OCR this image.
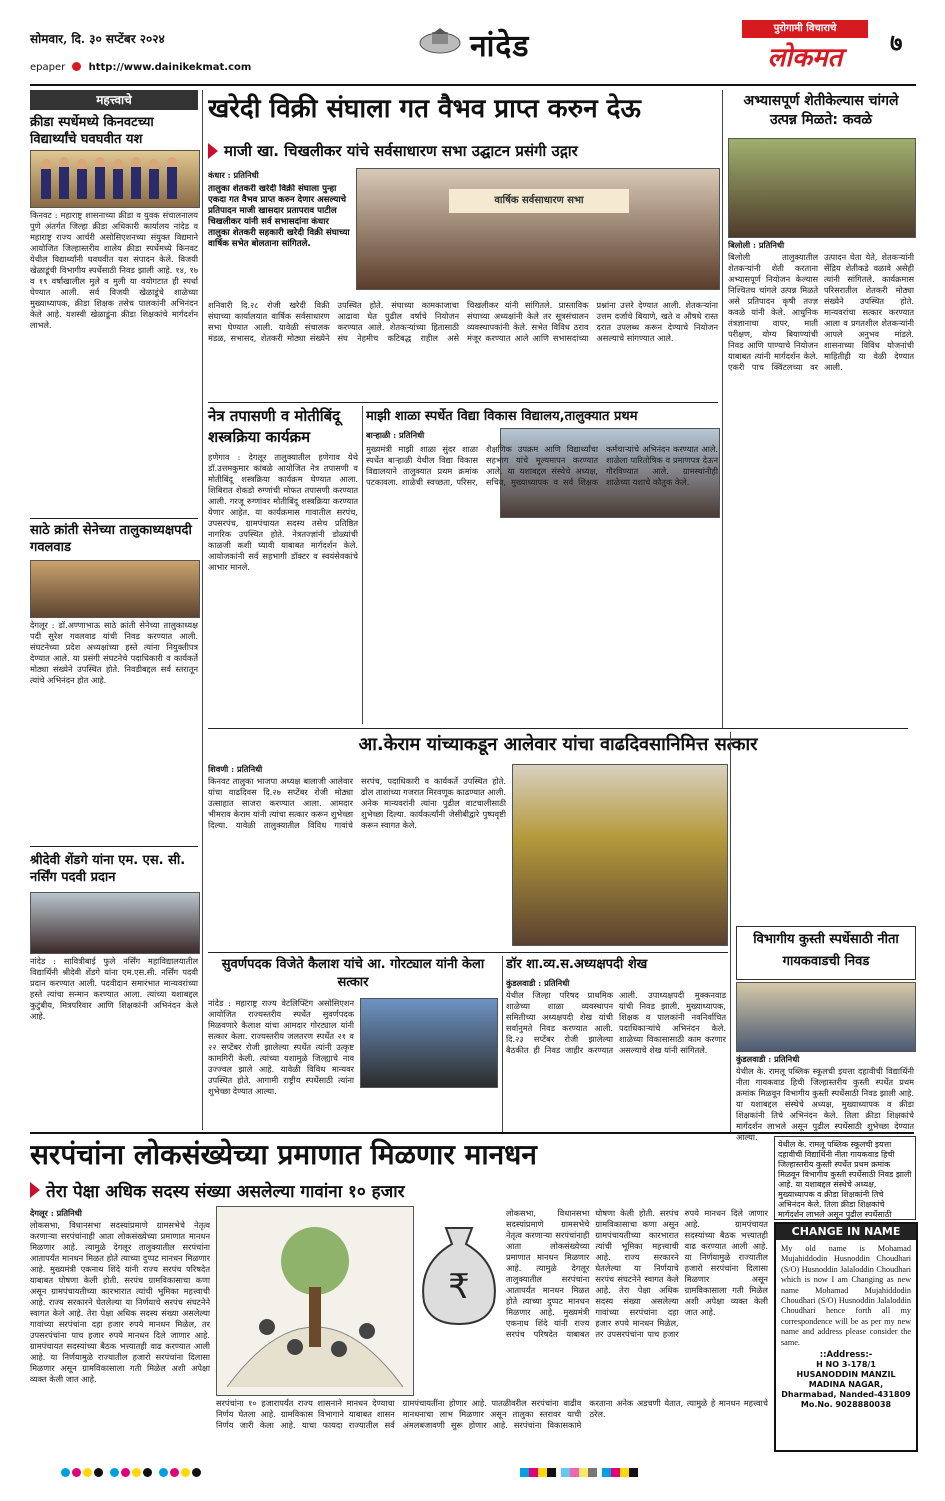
सोमवार, दि. ३० सप्टेंबर २०२४	नांदेड
पुरोगामी विचाराचे
लोकमत	७
epaper http://www.dainikekmat.com
महत्त्वाचे
क्रीडा स्पर्धेमध्ये किनवटच्या विद्यार्थ्यांचे घवघवीत यश
किनवट : महाराष्ट्र शासनाच्या क्रीडा व युवक संचालनालय पुणे अंतर्गत जिल्हा क्रीडा अधिकारी कार्यालय नांदेड व महाराष्ट्र राज्य आर्चरी असोसिएशनच्या संयुक्त विद्यमाने आयोजित जिल्हास्तरीय शालेय क्रीडा स्पर्धेमध्ये किनवट येथील विद्यार्थ्यांनी घवघवीत यश संपादन केले. विजयी खेळाडूंची विभागीय स्पर्धेसाठी निवड झाली आहे. १४, १७ व १९ वर्षाखालील मुले व मुली या वयोगटात ही स्पर्धा घेण्यात आली. सर्व विजयी खेळाडूंचे शाळेच्या मुख्याध्यापक, क्रीडा शिक्षक तसेच पालकांनी अभिनंदन केले आहे. यशस्वी खेळाडूंना क्रीडा शिक्षकांचे मार्गदर्शन लाभले.
साठे क्रांती सेनेच्या तालुकाध्यक्षपदी गवलवाड
देगलूर : डॉ.अण्णाभाऊ साठे क्रांती सेनेच्या तालुकाध्यक्ष पदी सुरेश गवलवाड यांची निवड करण्यात आली. संघटनेच्या प्रदेश अध्यक्षांच्या हस्ते त्यांना नियुक्तीपत्र देण्यात आले. या प्रसंगी संघटनेचे पदाधिकारी व कार्यकर्ते मोठ्या संख्येने उपस्थित होते. निवडीबद्दल सर्व स्तरातून त्यांचे अभिनंदन होत आहे.
श्रीदेवी शेंडगे यांना एम. एस. सी. नर्सिंग पदवी प्रदान
नांदेड : सावित्रीबाई फुले नर्सिंग महाविद्यालयातील विद्यार्थिनी श्रीदेवी शेंडगे यांना एम.एस.सी. नर्सिंग पदवी प्रदान करण्यात आली. पदवीदान समारंभात मान्यवरांच्या हस्ते त्यांचा सन्मान करण्यात आला. त्यांच्या यशाबद्दल कुटुंबीय, मित्रपरिवार आणि शिक्षकांनी अभिनंदन केले आहे.
खरेदी विक्री संघाला गत वैभव प्राप्त करुन देऊ
माजी खा. चिखलीकर यांचे सर्वसाधारण सभा उद्घाटन प्रसंगी उद्गार
कंधार : प्रतिनिधी
तालुका शेतकरी खरेदी विक्री संघाला पुन्हा एकदा गत वैभव प्राप्त करुन देणार असल्याचे प्रतिपादन माजी खासदार प्रतापराव पाटील चिखलीकर यांनी सर्व सभासदांना कंधार तालुका शेतकरी सहकारी खरेदी विक्री संघाच्या वार्षिक सभेत बोलताना सांगितले.
वार्षिक सर्वसाधारण सभा
शनिवारी दि.२८ रोजी खरेदी विक्री संघाच्या कार्यालयात वार्षिक सर्वसाधारण सभा घेण्यात आली. यावेळी संचालक मंडळ, सभासद, शेतकरी मोठ्या संख्येने उपस्थित होते. संघाच्या कामकाजाचा आढावा घेत पुढील वर्षाचे नियोजन करण्यात आले. शेतकऱ्यांच्या हितासाठी संघ नेहमीच कटिबद्ध राहील असे चिखलीकर यांनी सांगितले. प्रास्ताविक संघाच्या अध्यक्षांनी केले तर सूत्रसंचालन व्यवस्थापकांनी केले. सभेत विविध ठराव मंजूर करण्यात आले आणि सभासदांच्या प्रश्नांना उत्तरे देण्यात आली. शेतकऱ्यांना उत्तम दर्जाचे बियाणे, खते व औषधे रास्त दरात उपलब्ध करून देण्याचे नियोजन असल्याचे सांगण्यात आले.
नेत्र तपासणी व मोतीबिंदू शस्त्रक्रिया कार्यक्रम
हणेगाव : देगलूर तालुक्यातील हणेगाव येथे डॉ.उत्तमकुमार कांबळे आयोजित नेत्र तपासणी व मोतीबिंदू शस्त्रक्रिया कार्यक्रम घेण्यात आला. शिबिरात शेकडो रुग्णांची मोफत तपासणी करण्यात आली. गरजू रुग्णांवर मोतीबिंदू शस्त्रक्रिया करण्यात येणार आहेत. या कार्यक्रमास गावातील सरपंच, उपसरपंच, ग्रामपंचायत सदस्य तसेच प्रतिष्ठित नागरिक उपस्थित होते. नेत्रतज्ज्ञांनी डोळ्यांची काळजी कशी घ्यावी याबाबत मार्गदर्शन केले. आयोजकांनी सर्व सहभागी डॉक्टर व स्वयंसेवकांचे आभार मानले.
माझी शाळा स्पर्धेत विद्या विकास विद्यालय,तालुक्यात प्रथम
बाऱ्हाळी : प्रतिनिधी
मुख्यमंत्री माझी शाळा सुंदर शाळा स्पर्धेत बाऱ्हाळी येथील विद्या विकास विद्यालयाने तालुक्यात प्रथम क्रमांक पटकावला. शाळेची स्वच्छता, परिसर, शैक्षणिक उपक्रम आणि विद्यार्थ्यांचा सहभाग यांचे मूल्यमापन करण्यात आले. या यशाबद्दल संस्थेचे अध्यक्ष, सचिव, मुख्याध्यापक व सर्व शिक्षक कर्मचाऱ्यांचे अभिनंदन करण्यात आले. शाळेला पारितोषिक व प्रमाणपत्र देऊन गौरविण्यात आले. ग्रामस्थांनीही शाळेच्या यशाचे कौतुक केले.
अभ्यासपूर्ण शेतीकेल्यास चांगले उत्पन्न मिळते: कवळे
बिलोली : प्रतिनिधी
बिलोली तालुक्यातील शेतकऱ्यांनी शेती करताना अभ्यासपूर्ण नियोजन केल्यास निश्चितच चांगले उत्पन्न मिळते असे प्रतिपादन कृषी तज्ज्ञ कवळे यांनी केले. आधुनिक तंत्रज्ञानाचा वापर, माती परीक्षण, योग्य बियाण्यांची निवड आणि पाण्याचे नियोजन याबाबत त्यांनी मार्गदर्शन केले. एकरी पाच क्विंटलच्या वर उत्पादन घेता येते, शेतकऱ्यांनी सेंद्रिय शेतीकडे वळावे असेही त्यांनी सांगितले. कार्यक्रमास परिसरातील शेतकरी मोठ्या संख्येने उपस्थित होते. मान्यवरांचा सत्कार करण्यात आला व प्रगतशील शेतकऱ्यांनी आपले अनुभव मांडले. शासनाच्या विविध योजनांची माहितीही या वेळी देण्यात आली.
आ.केराम यांच्याकडून आलेवार यांचा वाढदिवसानिमित्त सत्कार
शिवणी : प्रतिनिधी
किनवट तालुका भाजपा अध्यक्ष बालाजी आलेवार यांचा वाढदिवस दि.२७ सप्टेंबर रोजी मोठ्या उत्साहात साजरा करण्यात आला. आमदार भीमराव केराम यांनी त्यांचा सत्कार करून शुभेच्छा दिल्या. यावेळी तालुक्यातील विविध गावांचे सरपंच, पदाधिकारी व कार्यकर्ते उपस्थित होते. ढोल ताशांच्या गजरात मिरवणूक काढण्यात आली. अनेक मान्यवरांनी त्यांना पुढील वाटचालीसाठी शुभेच्छा दिल्या. कार्यकर्त्यांनी जेसीबीद्वारे पुष्पवृष्टी करून स्वागत केले.
सुवर्णपदक विजेते कैलाश यांचे आ. गोरट्याल यांनी केला सत्कार
नांदेड : महाराष्ट्र राज्य वेटलिफ्टिंग असोसिएशन आयोजित राज्यस्तरीय स्पर्धेत सुवर्णपदक मिळवणारे कैलाश यांचा आमदार गोरट्याल यांनी सत्कार केला. राज्यस्तरीय जलतरण स्पर्धेत २१ व २२ सप्टेंबर रोजी झालेल्या स्पर्धेत त्यांनी उत्कृष्ट कामगिरी केली. त्यांच्या यशामुळे जिल्ह्याचे नाव उज्ज्वल झाले आहे. यावेळी विविध मान्यवर उपस्थित होते. आगामी राष्ट्रीय स्पर्धेसाठी त्यांना शुभेच्छा देण्यात आल्या.
डॉर शा.व्य.स.अध्यक्षपदी शेख
कुंडलवाडी : प्रतिनिधी
येथील जिल्हा परिषद प्राथमिक शाळेच्या शाळा व्यवस्थापन समितीच्या अध्यक्षपदी शेख यांची सर्वानुमते निवड करण्यात आली. दि.२३ सप्टेंबर रोजी झालेल्या बैठकीत ही निवड जाहीर करण्यात आली. उपाध्यक्षपदी मुक्कनवाड यांची निवड झाली. मुख्याध्यापक, शिक्षक व पालकांनी नवनिर्वाचित पदाधिकाऱ्यांचे अभिनंदन केले. शाळेच्या विकासासाठी काम करणार असल्याचे शेख यांनी सांगितले.
विभागीय कुस्ती स्पर्धेसाठी नीता गायकवाडची निवड
कुंडलवाडी : प्रतिनिधी
येथील के. रामलू पब्लिक स्कूलची इयत्ता दहावीची विद्यार्थिनी नीता गायकवाड हिची जिल्हास्तरीय कुस्ती स्पर्धेत प्रथम क्रमांक मिळवून विभागीय कुस्ती स्पर्धेसाठी निवड झाली आहे. या यशाबद्दल संस्थेचे अध्यक्ष, मुख्याध्यापक व क्रीडा शिक्षकांनी तिचे अभिनंदन केले. तिला क्रीडा शिक्षकांचे मार्गदर्शन लाभले असून पुढील स्पर्धेसाठी शुभेच्छा देण्यात आल्या.
सरपंचांना लोकसंख्येच्या प्रमाणात मिळणार मानधन
तेरा पेक्षा अधिक सदस्य संख्या असलेल्या गावांना १० हजार
देगलूर : प्रतिनिधी
लोकसभा, विधानसभा सदस्यांप्रमाणे ग्रामसभेचे नेतृत्व करणाऱ्या सरपंचांनाही आता लोकसंख्येच्या प्रमाणात मानधन मिळणार आहे. त्यामुळे देगलूर तालुक्यातील सरपंचांना आतापर्यंत मानधन मिळत होते त्याच्या दुप्पट मानधन मिळणार आहे. मुख्यमंत्री एकनाथ शिंदे यांनी राज्य सरपंच परिषदेत याबाबत घोषणा केली होती. सरपंच ग्रामविकासाचा कणा असून ग्रामपंचायतीच्या कारभारात त्यांची भूमिका महत्त्वाची आहे. राज्य सरकारने घेतलेल्या या निर्णयाचे सरपंच संघटनेने स्वागत केले आहे. तेरा पेक्षा अधिक सदस्य संख्या असलेल्या गावांच्या सरपंचांना दहा हजार रुपये मानधन मिळेल, तर उपसरपंचांना पाच हजार रुपये मानधन दिले जाणार आहे. ग्रामपंचायत सदस्यांच्या बैठक भत्त्यातही वाढ करण्यात आली आहे. या निर्णयामुळे राज्यातील हजारो सरपंचांना दिलासा मिळणार असून ग्रामविकासाला गती मिळेल अशी अपेक्षा व्यक्त केली जात आहे.
₹
सरपंचांना १० हजारापर्यंत राज्य शासनाने मानधन देण्याचा निर्णय घेतला आहे. ग्रामविकास विभागाने याबाबत शासन निर्णय जारी केला आहे. याचा फायदा राज्यातील सर्व ग्रामपंचायतींना होणार आहे. पातळीवरील सरपंचांना वाढीव मानधनाचा लाभ मिळणार असून तालुका स्तरावर याची अंमलबजावणी सुरू होणार आहे. सरपंचांना विकासकामे करताना अनेक अडचणी येतात, त्यामुळे हे मानधन महत्त्वाचे ठरेल.
लोकसभा, विधानसभा सदस्यांप्रमाणे ग्रामसभेचे नेतृत्व करणाऱ्या सरपंचांनाही आता लोकसंख्येच्या प्रमाणात मानधन मिळणार आहे. त्यामुळे देगलूर तालुक्यातील सरपंचांना आतापर्यंत मानधन मिळत होते त्याच्या दुप्पट मानधन मिळणार आहे. मुख्यमंत्री एकनाथ शिंदे यांनी राज्य सरपंच परिषदेत याबाबत घोषणा केली होती. सरपंच ग्रामविकासाचा कणा असून ग्रामपंचायतीच्या कारभारात त्यांची भूमिका महत्त्वाची आहे. राज्य सरकारने घेतलेल्या या निर्णयाचे सरपंच संघटनेने स्वागत केले आहे. तेरा पेक्षा अधिक सदस्य संख्या असलेल्या गावांच्या सरपंचांना दहा हजार रुपये मानधन मिळेल, तर उपसरपंचांना पाच हजार रुपये मानधन दिले जाणार आहे. ग्रामपंचायत सदस्यांच्या बैठक भत्त्यातही वाढ करण्यात आली आहे. या निर्णयामुळे राज्यातील हजारो सरपंचांना दिलासा मिळणार असून ग्रामविकासाला गती मिळेल अशी अपेक्षा व्यक्त केली जात आहे.
CHANGE IN NAME
My old name is Mohamad Mujahiddodin Husnoddin Choudhari (S/O) Husnoddin Jalaloddin Choudhari which is now I am Changing as new name Mohamad Mujahiddodin Choudhari (S/O) Husnoddin Jalaloddin Choudhari hence forth all my correspondence will be as per my new name and address please consider the same.
::Address:-
H NO 3-178/1
HUSANODDIN MANZIL
MADINA NAGAR,
Dharmabad, Nanded-431809
Mo.No. 9028880038
येथील के. रामलू पब्लिक स्कूलची इयत्ता दहावीची विद्यार्थिनी नीता गायकवाड हिची जिल्हास्तरीय कुस्ती स्पर्धेत प्रथम क्रमांक मिळवून विभागीय कुस्ती स्पर्धेसाठी निवड झाली आहे. या यशाबद्दल संस्थेचे अध्यक्ष, मुख्याध्यापक व क्रीडा शिक्षकांनी तिचे अभिनंदन केले. तिला क्रीडा शिक्षकांचे मार्गदर्शन लाभले असून पुढील स्पर्धेसाठी
